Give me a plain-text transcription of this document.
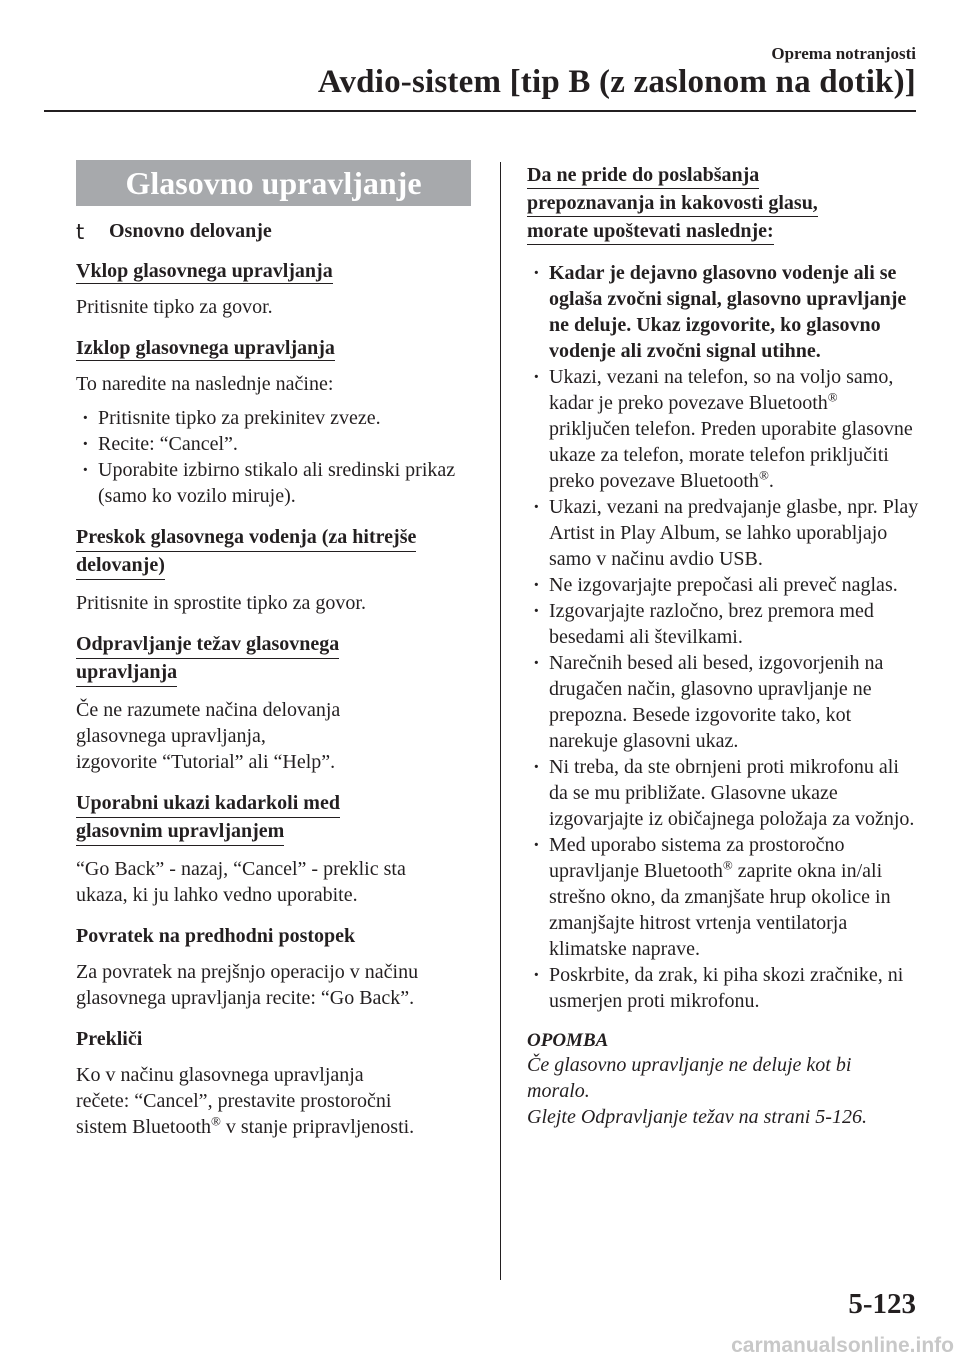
Oprema notranjosti
Avdio-sistem [tip B (z zaslonom na dotik)]
Glasovno upravljanje
t Osnovno delovanje
Vklop glasovnega upravljanja
Pritisnite tipko za govor.
Izklop glasovnega upravljanja
To naredite na naslednje načine:
· Pritisnite tipko za prekinitev zveze.
· Recite: “Cancel”.
· Uporabite izbirno stikalo ali sredinski prikaz (samo ko vozilo miruje).
Preskok glasovnega vodenja (za hitrejše
delovanje)
Pritisnite in sprostite tipko za govor.
Odpravljanje težav glasovnega
upravljanja
Če ne razumete načina delovanja
glasovnega upravljanja,
izgovorite “Tutorial” ali “Help”.
Uporabni ukazi kadarkoli med
glasovnim upravljanjem
“Go Back” - nazaj, “Cancel” - preklic sta
ukaza, ki ju lahko vedno uporabite.
Povratek na predhodni postopek
Za povratek na prejšnjo operacijo v načinu
glasovnega upravljanja recite: “Go Back”.
Prekliči
Ko v načinu glasovnega upravljanja
rečete: “Cancel”, prestavite prostoročni
sistem Bluetooth® v stanje pripravljenosti.
Da ne pride do poslabšanja
prepoznavanja in kakovosti glasu,
morate upoštevati naslednje:
· Kadar je dejavno glasovno vodenje ali se oglaša zvočni signal, glasovno upravljanje ne deluje. Ukaz izgovorite, ko glasovno vodenje ali zvočni signal utihne.
· Ukazi, vezani na telefon, so na voljo samo, kadar je preko povezave Bluetooth® priključen telefon. Preden uporabite glasovne ukaze za telefon, morate telefon priključiti preko povezave Bluetooth®.
· Ukazi, vezani na predvajanje glasbe, npr. Play Artist in Play Album, se lahko uporabljajo samo v načinu avdio USB.
· Ne izgovarjajte prepočasi ali preveč naglas.
· Izgovarjajte razločno, brez premora med besedami ali številkami.
· Narečnih besed ali besed, izgovorjenih na drugačen način, glasovno upravljanje ne prepozna. Besede izgovorite tako, kot narekuje glasovni ukaz.
· Ni treba, da ste obrnjeni proti mikrofonu ali da se mu približate. Glasovne ukaze izgovarjajte iz običajnega položaja za vožnjo.
· Med uporabo sistema za prostoročno upravljanje Bluetooth® zaprite okna in/ali strešno okno, da zmanjšate hrup okolice in zmanjšajte hitrost vrtenja ventilatorja klimatske naprave.
· Poskrbite, da zrak, ki piha skozi zračnike, ni usmerjen proti mikrofonu.
OPOMBA
Če glasovno upravljanje ne deluje kot bi
moralo.
Glejte Odpravljanje težav na strani 5-126.
5-123
carmanualsonline.info
